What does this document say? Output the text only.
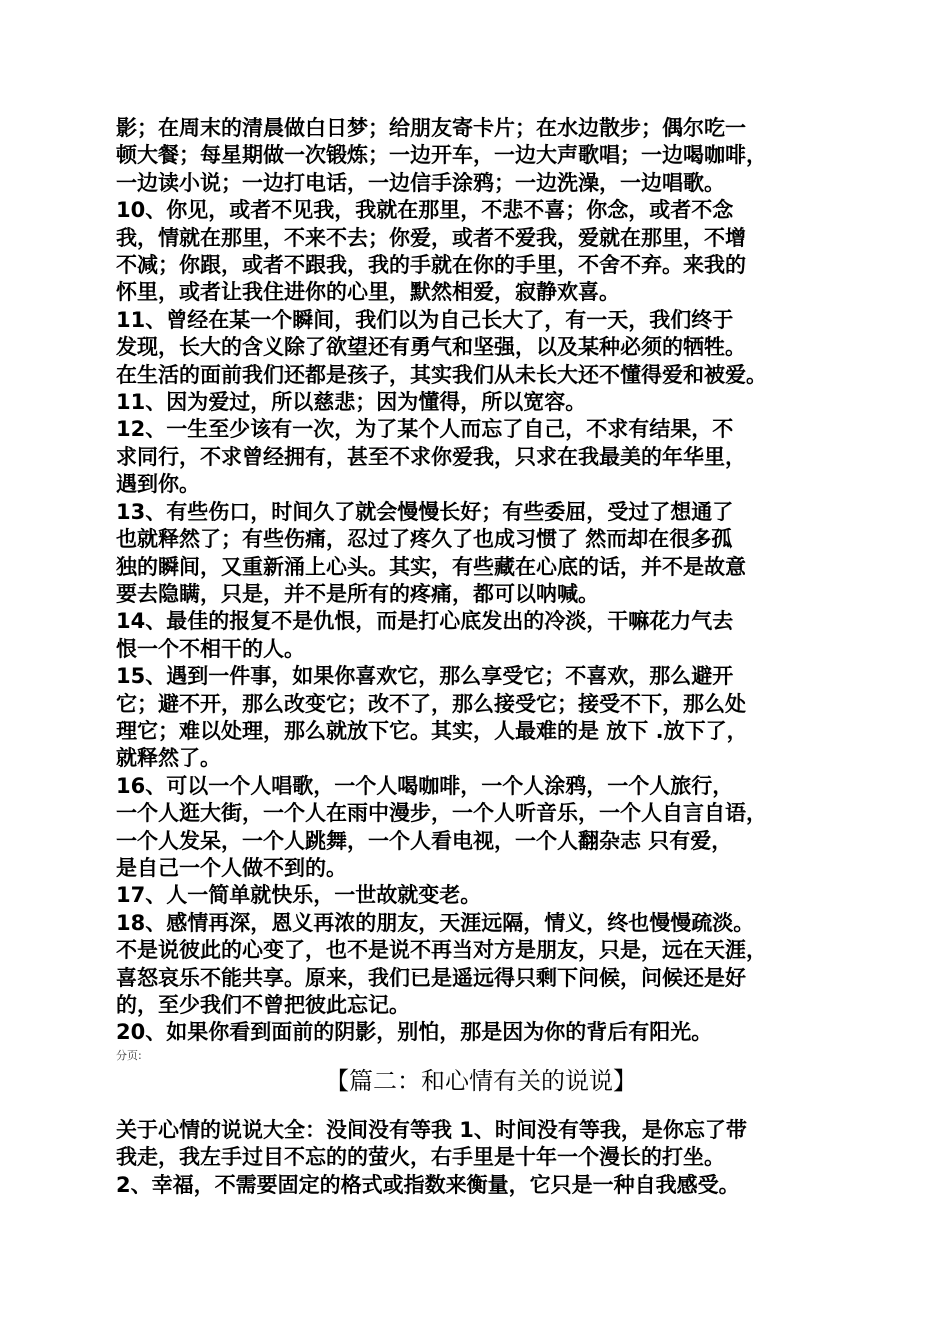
影；在周末的清晨做白日梦；给朋友寄卡片；在水边散步；偶尔吃一
顿大餐；每星期做一次锻炼；一边开车，一边大声歌唱；一边喝咖啡，
一边读小说；一边打电话，一边信手涂鸦；一边洗澡，一边唱歌。

10、你见，或者不见我，我就在那里，不悲不喜；你念，或者不念
我，情就在那里，不来不去；你爱，或者不爱我，爱就在那里，不增
不减；你跟，或者不跟我，我的手就在你的手里，不舍不弃。来我的
怀里，或者让我住进你的心里，默然相爱，寂静欢喜。

11、曾经在某一个瞬间，我们以为自己长大了，有一天，我们终于
发现，长大的含义除了欲望还有勇气和坚强，以及某种必须的牺牲。
在生活的面前我们还都是孩子，其实我们从未长大还不懂得爱和被爱。

11、因为爱过，所以慈悲；因为懂得，所以宽容。

12、一生至少该有一次，为了某个人而忘了自己，不求有结果，不
求同行，不求曾经拥有，甚至不求你爱我，只求在我最美的年华里，
遇到你。

13、有些伤口，时间久了就会慢慢长好；有些委屈，受过了想通了
也就释然了；有些伤痛，忍过了疼久了也成习惯了 然而却在很多孤
独的瞬间，又重新涌上心头。其实，有些藏在心底的话，并不是故意
要去隐瞒，只是，并不是所有的疼痛，都可以呐喊。

14、最佳的报复不是仇恨，而是打心底发出的冷淡，干嘛花力气去
恨一个不相干的人。

15、遇到一件事，如果你喜欢它，那么享受它；不喜欢，那么避开
它；避不开，那么改变它；改不了，那么接受它；接受不下，那么处
理它；难以处理，那么就放下它。其实，人最难的是 放下 .放下了，
就释然了。

16、可以一个人唱歌，一个人喝咖啡，一个人涂鸦，一个人旅行，
一个人逛大街，一个人在雨中漫步，一个人听音乐，一个人自言自语，
一个人发呆，一个人跳舞，一个人看电视，一个人翻杂志 只有爱，
是自己一个人做不到的。

17、人一简单就快乐，一世故就变老。

18、感情再深，恩义再浓的朋友，天涯远隔，情义，终也慢慢疏淡。
不是说彼此的心变了，也不是说不再当对方是朋友，只是，远在天涯，
喜怒哀乐不能共享。原来，我们已是遥远得只剩下问候，问候还是好
的，至少我们不曾把彼此忘记。

20、如果你看到面前的阴影，别怕，那是因为你的背后有阳光。

分页:
【篇二：和心情有关的说说】

关于心情的说说大全：没间没有等我 1、时间没有等我，是你忘了带
我走，我左手过目不忘的的萤火，右手里是十年一个漫长的打坐。

2、幸福，不需要固定的格式或指数来衡量，它只是一种自我感受。
